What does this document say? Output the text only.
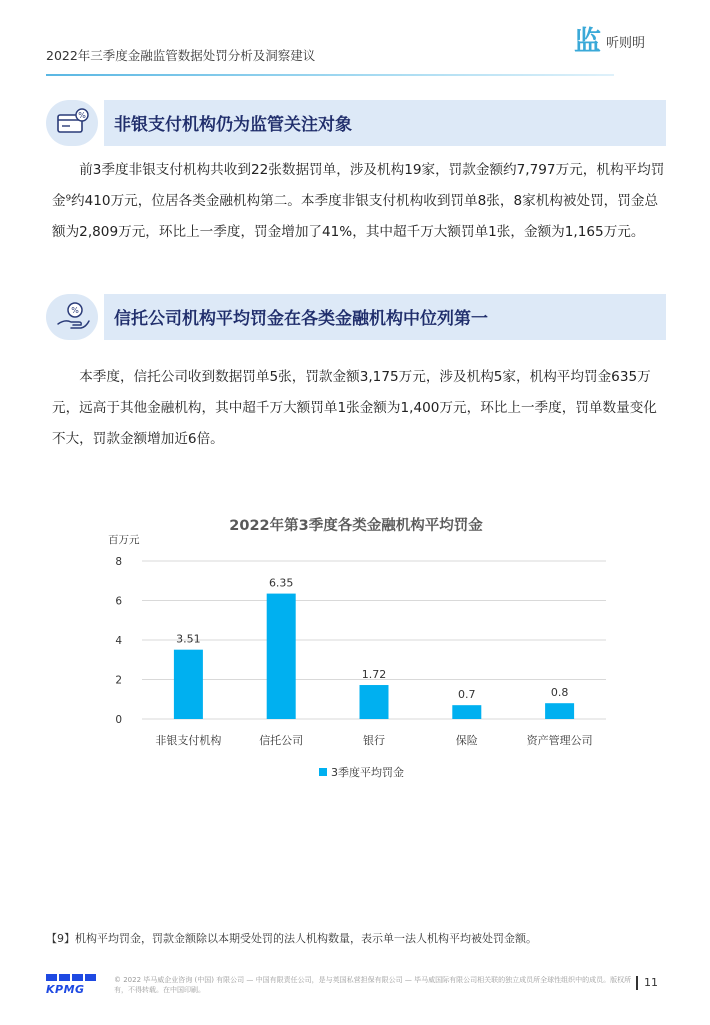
2022年三季度金融监管数据处罚分析及洞察建议	监 听则明
% 非银支付机构仍为监管关注对象

前3季度非银支付机构共收到22张数据罚单，涉及机构19家，罚款金额约7,797万元，机构平均罚金⁹约410万元，位居各类金融机构第二。本季度非银支付机构收到罚单8张，8家机构被处罚，罚金总额为2,809万元，环比上一季度，罚金增加了41%，其中超千万大额罚单1张，金额为1,165万元。

% 信托公司机构平均罚金在各类金融机构中位列第一

本季度，信托公司收到数据罚单5张，罚款金额3,175万元，涉及机构5家，机构平均罚金635万元，远高于其他金融机构，其中超千万大额罚单1张金额为1,400万元，环比上一季度，罚单数量变化不大，罚款金额增加近6倍。

2022年第3季度各类金融机构平均罚金
百万元
0
2
4
6
8
3.51
非银支付机构
6.35
信托公司
1.72
银行
0.7
保险
0.8
资产管理公司
3季度平均罚金
【9】机构平均罚金，罚款金额除以本期受处罚的法人机构数量，表示单一法人机构平均被处罚金额。
KPMG
© 2022 毕马威企业咨询 (中国) 有限公司 — 中国有限责任公司，是与英国私营担保有限公司 — 毕马威国际有限公司相关联的独立成员所全球性组织中的成员。版权所有，不得转载。在中国印刷。
11
